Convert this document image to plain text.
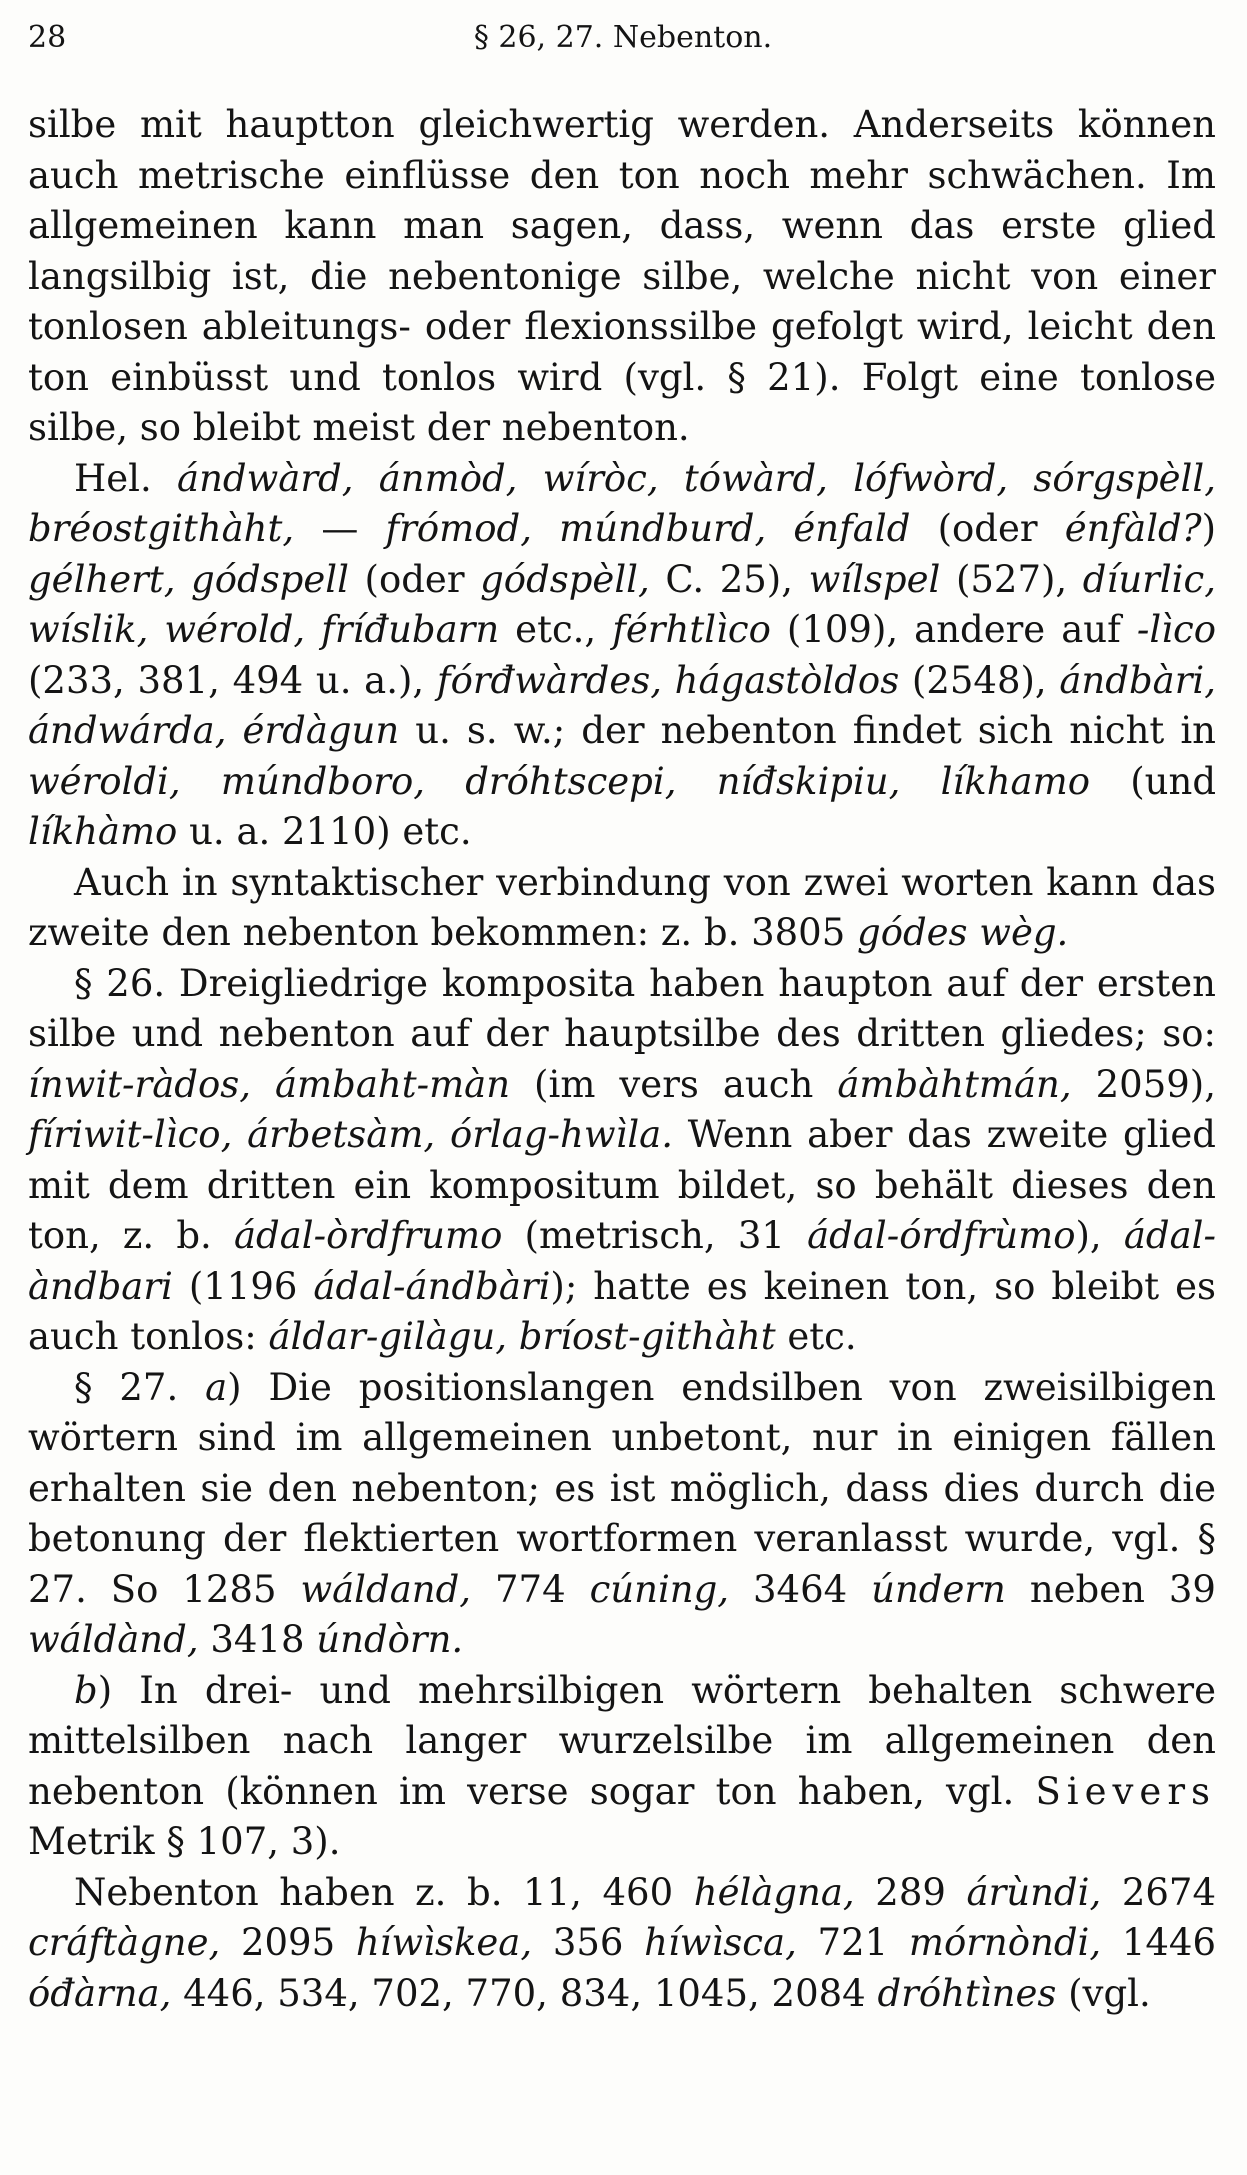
28	§ 26, 27. Nebenton.

silbe mit hauptton gleichwertig werden. Anderseits können auch metrische einflüsse den ton noch mehr schwächen. Im allgemeinen kann man sagen, dass, wenn das erste glied langsilbig ist, die nebentonige silbe, welche nicht von einer tonlosen ableitungs- oder flexionssilbe gefolgt wird, leicht den ton einbüsst und tonlos wird (vgl. § 21). Folgt eine tonlose silbe, so bleibt meist der nebenton.

Hel. ándwàrd, ánmòd, wíròc, tówàrd, lófwòrd, sórgspèll, bréostgithàht, — frómod, múndburd, énfald (oder énfàld?) gélhert, gódspell (oder gódspèll, C. 25), wílspel (527), díurlic, wíslik, wérold, fríđubarn etc., férhtlìco (109), andere auf -lìco (233, 381, 494 u. a.), fórđwàrdes, hágastòldos (2548), ándbàri, ándwárda, érdàgun u. s. w.; der nebenton findet sich nicht in wéroldi, múndboro, dróhtscepi, níđskipiu, líkhamo (und líkhàmo u. a. 2110) etc.

Auch in syntaktischer verbindung von zwei worten kann das zweite den nebenton bekommen: z. b. 3805 gódes wèg.

§ 26. Dreigliedrige komposita haben haupton auf der ersten silbe und nebenton auf der hauptsilbe des dritten gliedes; so: ínwit-ràdos, ámbaht-màn (im vers auch ámbàhtmán, 2059), fíriwit-lìco, árbetsàm, órlag-hwìla. Wenn aber das zweite glied mit dem dritten ein kompositum bildet, so behält dieses den ton, z. b. ádal-òrdfrumo (metrisch, 31 ádal-órdfrùmo), ádal-àndbari (1196 ádal-ándbàri); hatte es keinen ton, so bleibt es auch tonlos: áldar-gilàgu, bríost-githàht etc.

§ 27. a) Die positionslangen endsilben von zweisilbigen wörtern sind im allgemeinen unbetont, nur in einigen fällen erhalten sie den nebenton; es ist möglich, dass dies durch die betonung der flektierten wortformen veranlasst wurde, vgl. § 27. So 1285 wáldand, 774 cúning, 3464 úndern neben 39 wáldànd, 3418 úndòrn.

b) In drei- und mehrsilbigen wörtern behalten schwere mittelsilben nach langer wurzelsilbe im allgemeinen den nebenton (können im verse sogar ton haben, vgl. Sievers Metrik § 107, 3).

Nebenton haben z. b. 11, 460 hélàgna, 289 árùndi, 2674 cráftàgne, 2095 híwìskea, 356 híwìsca, 721 mórnòndi, 1446 óđàrna, 446, 534, 702, 770, 834, 1045, 2084 dróhtìnes (vgl.
